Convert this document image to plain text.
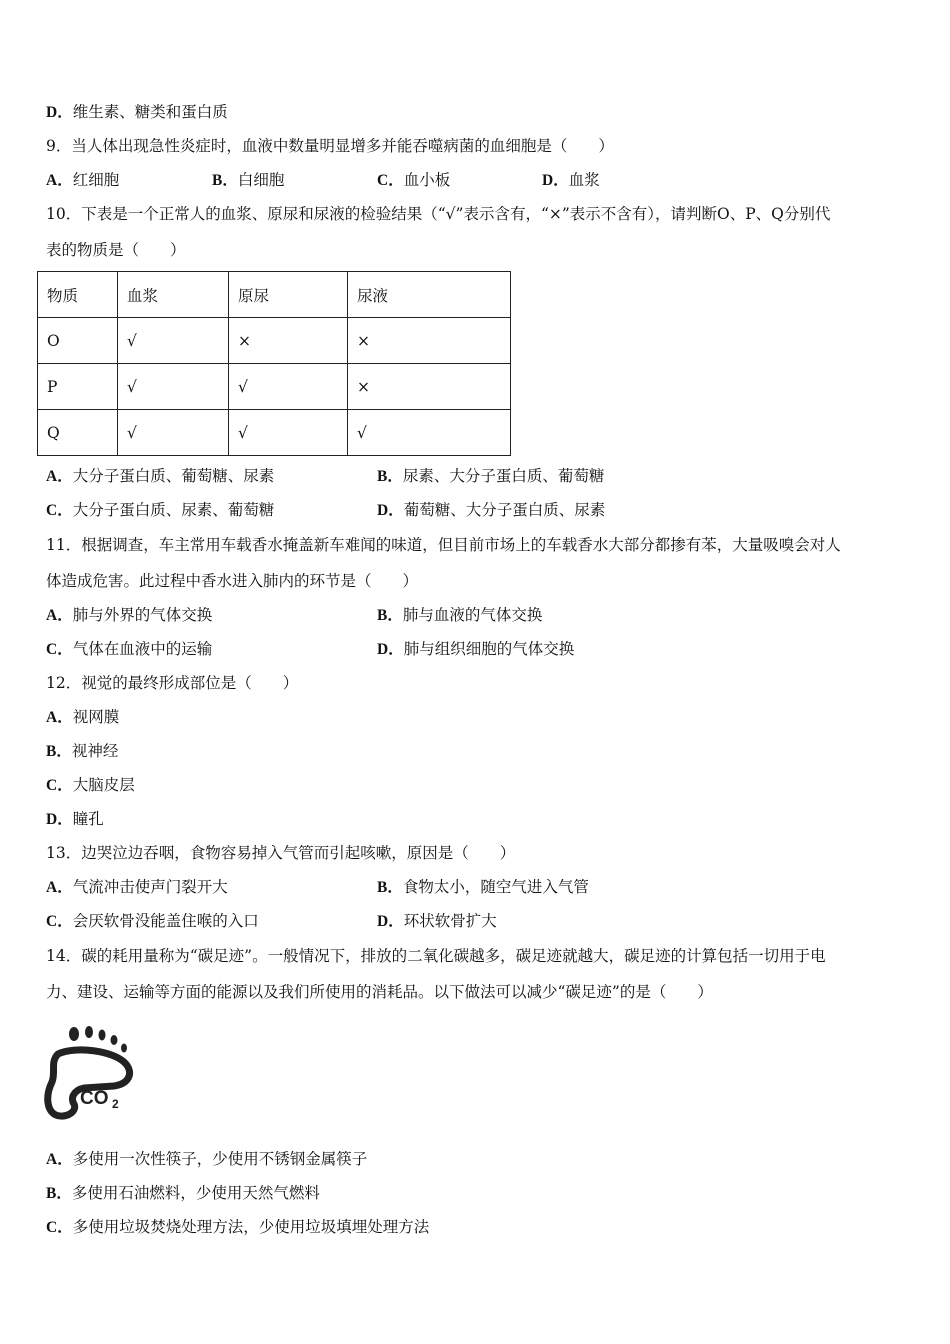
D．维生素、糖类和蛋白质
9．当人体出现急性炎症时，血液中数量明显增多并能吞噬病菌的血细胞是（　　）
A．红细胞	B．白细胞	C．血小板	D．血浆
10．下表是一个正常人的血浆、原尿和尿液的检验结果（“√”表示含有，“×”表示不含有），请判断O、P、Q分别代
表的物质是（　　）
物质	血浆	原尿	尿液
O	√	×	×
P	√	√	×
Q	√	√	√
A．大分子蛋白质、葡萄糖、尿素	B．尿素、大分子蛋白质、葡萄糖
C．大分子蛋白质、尿素、葡萄糖	D．葡萄糖、大分子蛋白质、尿素
11．根据调查，车主常用车载香水掩盖新车难闻的味道，但目前市场上的车载香水大部分都掺有苯，大量吸嗅会对人
体造成危害。此过程中香水进入肺内的环节是（　　）
A．肺与外界的气体交换	B．肺与血液的气体交换
C．气体在血液中的运输	D．肺与组织细胞的气体交换
12．视觉的最终形成部位是（　　）
A．视网膜
B．视神经
C．大脑皮层
D．瞳孔
13．边哭泣边吞咽，食物容易掉入气管而引起咳嗽，原因是（　　）
A．气流冲击使声门裂开大	B．食物太小，随空气进入气管
C．会厌软骨没能盖住喉的入口	D．环状软骨扩大
14．碳的耗用量称为“碳足迹”。一般情况下，排放的二氧化碳越多，碳足迹就越大，碳足迹的计算包括一切用于电
力、建设、运输等方面的能源以及我们所使用的消耗品。以下做法可以减少“碳足迹”的是（　　）
CO 2
A．多使用一次性筷子，少使用不锈钢金属筷子
B．多使用石油燃料，少使用天然气燃料
C．多使用垃圾焚烧处理方法，少使用垃圾填埋处理方法
